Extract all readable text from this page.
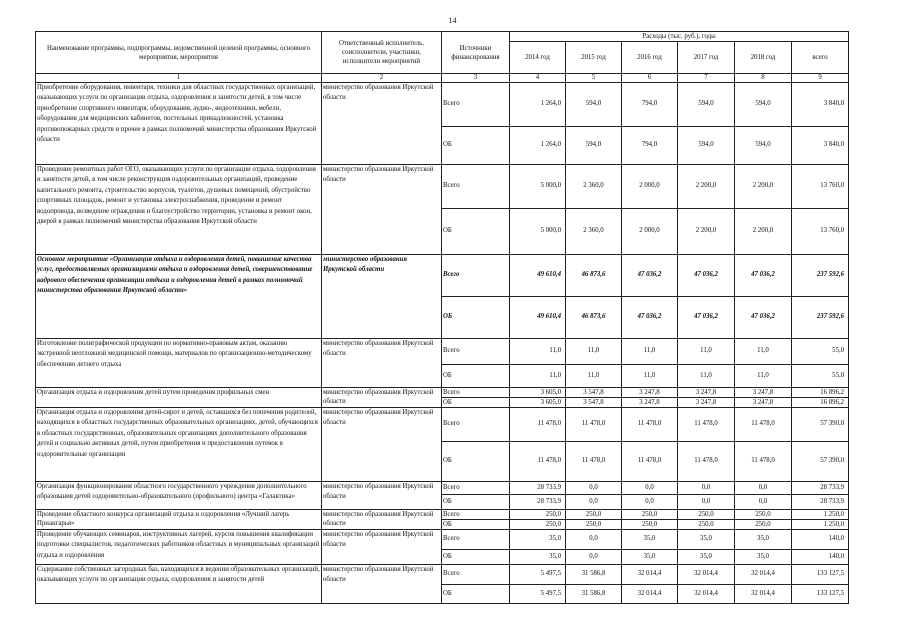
14
Наименование программы, подпрограммы, ведомственной целевой программы, основного мероприятия, мероприятия	Ответственный исполнитель, соисполнители, участники, исполнители мероприятий	Источники финансирования	Расходы (тыс. руб.), годы					
			2014 год	2015 год	2016 год	2017 год	2018 год	всего
1	2	3	4	5	6	7	8	9
Приобретение оборудования, инвентаря, техники для областных государственных организаций, оказывающих услуги по организации отдыха, оздоровления и занятости детей, в том числе приобретение спортивного инвентаря, оборудования, аудио-, видеотехники, мебели, оборудования для медицинских кабинетов, постельных принадлежностей, установка противопожарных средств и прочее в рамках полномочий министерства образования Иркутской области	министерство образования Иркутской области	Всего	1 264,0	594,0	794,0	594,0	594,0	3 840,0
		ОБ	1 264,0	594,0	794,0	594,0	594,0	3 840,0
Проведение ремонтных работ ОГО, оказывающих услуги по организации отдыха, оздоровления и занятости детей, в том числе реконструкция оздоровительных организаций, проведение капитального ремонта, строительство корпусов, туалетов, душевых помещений, обустройство спортивных площадок, ремонт и установка электроснабжения, проведение и ремонт водопровода, возведение ограждения и благоустройство территории, установка и ремонт окон, дверей в рамках полномочий министерства образования Иркутской области	министерство образования Иркутской области	Всего	5 000,0	2 360,0	2 000,0	2 200,0	2 200,0	13 760,0
		ОБ	5 000,0	2 360,0	2 000,0	2 200,0	2 200,0	13 760,0
Основное мероприятие «Организация отдыха и оздоровления детей, повышение качества услуг, предоставляемых организациями отдыха и оздоровления детей, совершенствование кадрового обеспечения организации отдыха и оздоровления детей в рамках полномочий министерства образования Иркутской области»	министерство образования Иркутской области	Всего	49 610,4	46 873,6	47 036,2	47 036,2	47 036,2	237 592,6
		ОБ	49 610,4	46 873,6	47 036,2	47 036,2	47 036,2	237 592,6
Изготовление полиграфической продукции по нормативно-правовым актам, оказанию экстренной неотложной медицинской помощи, материалов по организационно-методическому обеспечению летнего отдыха	министерство образования Иркутской области	Всего	11,0	11,0	11,0	11,0	11,0	55,0
		ОБ	11,0	11,0	11,0	11,0	11,0	55,0
Организация отдыха и оздоровления детей путем проведения профильных смен	министерство образования Иркутской области	Всего	3 605,0	3 547,8	3 247,8	3 247,8	3 247,8	16 896,2
		ОБ	3 605,0	3 547,8	3 247,8	3 247,8	3 247,8	16 896,2
Организация отдыха и оздоровления детей-сирот и детей, оставшихся без попечения родителей, находящихся в областных государственных образовательных организациях, детей, обучающихся в областных государственных, образовательных организациях дополнительного образования детей и социально активных детей, путем приобретения и предоставления путевок в оздоровительные организации	министерство образования Иркутской области	Всего	11 478,0	11 478,0	11 478,0	11 478,0	11 478,0	57 390,0
		ОБ	11 478,0	11 478,0	11 478,0	11 478,0	11 478,0	57 390,0
Организация функционирования областного государственного учреждения дополнительного образования детей оздоровительно-образовательного (профильного) центра «Галактика»	министерство образования Иркутской области	Всего	28 733,9	0,0	0,0	0,0	0,0	28 733,9
		ОБ	28 733,9	0,0	0,0	0,0	0,0	28 733,9
Проведение областного конкурса организаций отдыха и оздоровления «Лучший лагерь Приангарья»	министерство образования Иркутской области	Всего	250,0	250,0	250,0	250,0	250,0	1 250,0
		ОБ	250,0	250,0	250,0	250,0	250,0	1 250,0
Проведение обучающих семинаров, инструктивных лагерей, курсов повышения квалификации подготовки специалистов, педагогических работников областных и муниципальных организаций отдыха и оздоровления	министерство образования Иркутской области	Всего	35,0	0,0	35,0	35,0	35,0	140,0
		ОБ	35,0	0,0	35,0	35,0	35,0	140,0
Содержание собственных загородных баз, находящихся в ведении образовательных организаций, оказывающих услуги по организации отдыха, оздоровления и занятости детей	министерство образования Иркутской области	Всего	5 497,5	31 586,8	32 014,4	32 014,4	32 014,4	133 127,5
		ОБ	5 497,5	31 586,8	32 014,4	32 014,4	32 014,4	133 127,5
